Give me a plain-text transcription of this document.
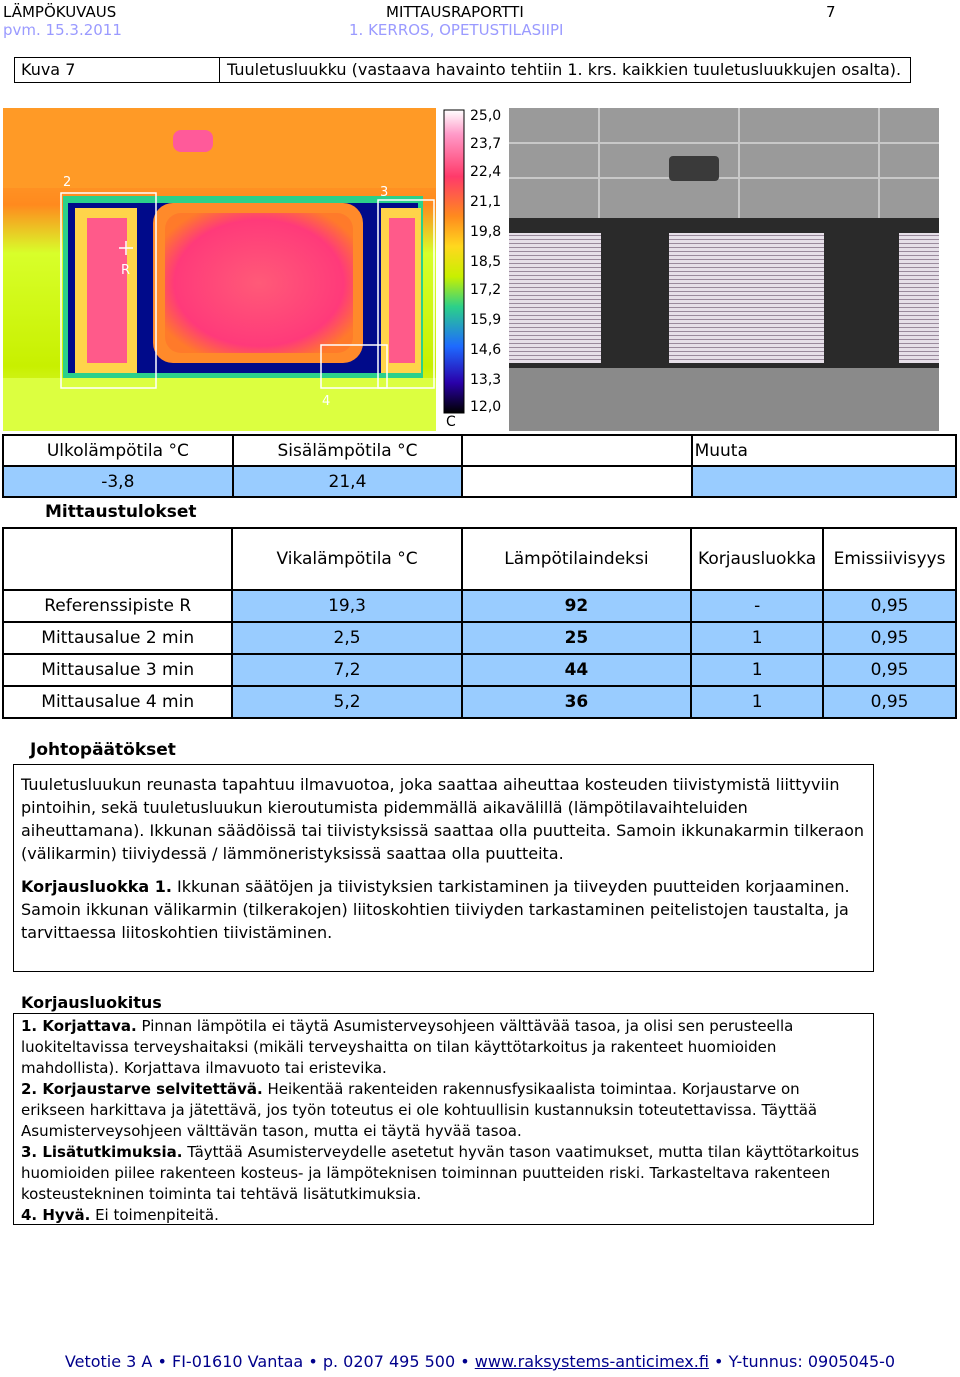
LÄMPÖKUVAUS
pvm. 15.3.2011
MITTAUSRAPORTTI
1. KERROS, OPETUSTILASIIPI
7
Kuva 7	Tuuletusluukku (vastaava havainto tehtiin 1. krs. kaikkien tuuletusluukkujen osalta).
2
3
4
R
25,0
23,7
22,4
21,1
19,8
18,5
17,2
15,9
14,6
13,3
12,0
C
Ulkolämpötila °C	Sisälämpötila °C		Muuta
-3,8	21,4		
Mittaustulokset
	Vikalämpötila °C	Lämpötilaindeksi	Korjausluokka	Emissiivisyys
Referenssipiste R	19,3	92	-	0,95
Mittausalue 2 min	2,5	25	1	0,95
Mittausalue 3 min	7,2	44	1	0,95
Mittausalue 4 min	5,2	36	1	0,95
Johtopäätökset

Tuuletusluukun reunasta tapahtuu ilmavuotoa, joka saattaa aiheuttaa kosteuden tiivistymistä liittyviin pintoihin, sekä tuuletusluukun kieroutumista pidemmällä aikavälillä (lämpötilavaihteluiden aiheuttamana). Ikkunan säädöissä tai tiivistyksissä saattaa olla puutteita. Samoin ikkunakarmin tilkeraon (välikarmin) tiiviydessä / lämmöneristyksissä saattaa olla puutteita.

Korjausluokka 1. Ikkunan säätöjen ja tiivistyksien tarkistaminen ja tiiveyden puutteiden korjaaminen. Samoin ikkunan välikarmin (tilkerakojen) liitoskohtien tiiviyden tarkastaminen peitelistojen taustalta, ja tarvittaessa liitoskohtien tiivistäminen.

Korjausluokitus

1. Korjattava. Pinnan lämpötila ei täytä Asumisterveysohjeen välttävää tasoa, ja olisi sen perusteella luokiteltavissa terveyshaitaksi (mikäli terveyshaitta on tilan käyttötarkoitus ja rakenteet huomioiden mahdollista). Korjattava ilmavuoto tai eristevika.

2. Korjaustarve selvitettävä. Heikentää rakenteiden rakennusfysikaalista toimintaa. Korjaustarve on erikseen harkittava ja jätettävä, jos työn toteutus ei ole kohtuullisin kustannuksin toteutettavissa. Täyttää Asumisterveysohjeen välttävän tason, mutta ei täytä hyvää tasoa.

3. Lisätutkimuksia. Täyttää Asumisterveydelle asetetut hyvän tason vaatimukset, mutta tilan käyttötarkoitus huomioiden piilee rakenteen kosteus- ja lämpöteknisen toiminnan puutteiden riski. Tarkasteltava rakenteen kosteustekninen toiminta tai tehtävä lisätutkimuksia.

4. Hyvä. Ei toimenpiteitä.

Vetotie 3 A • FI-01610 Vantaa • p. 0207 495 500 • www.raksystems-anticimex.fi • Y-tunnus: 0905045-0
